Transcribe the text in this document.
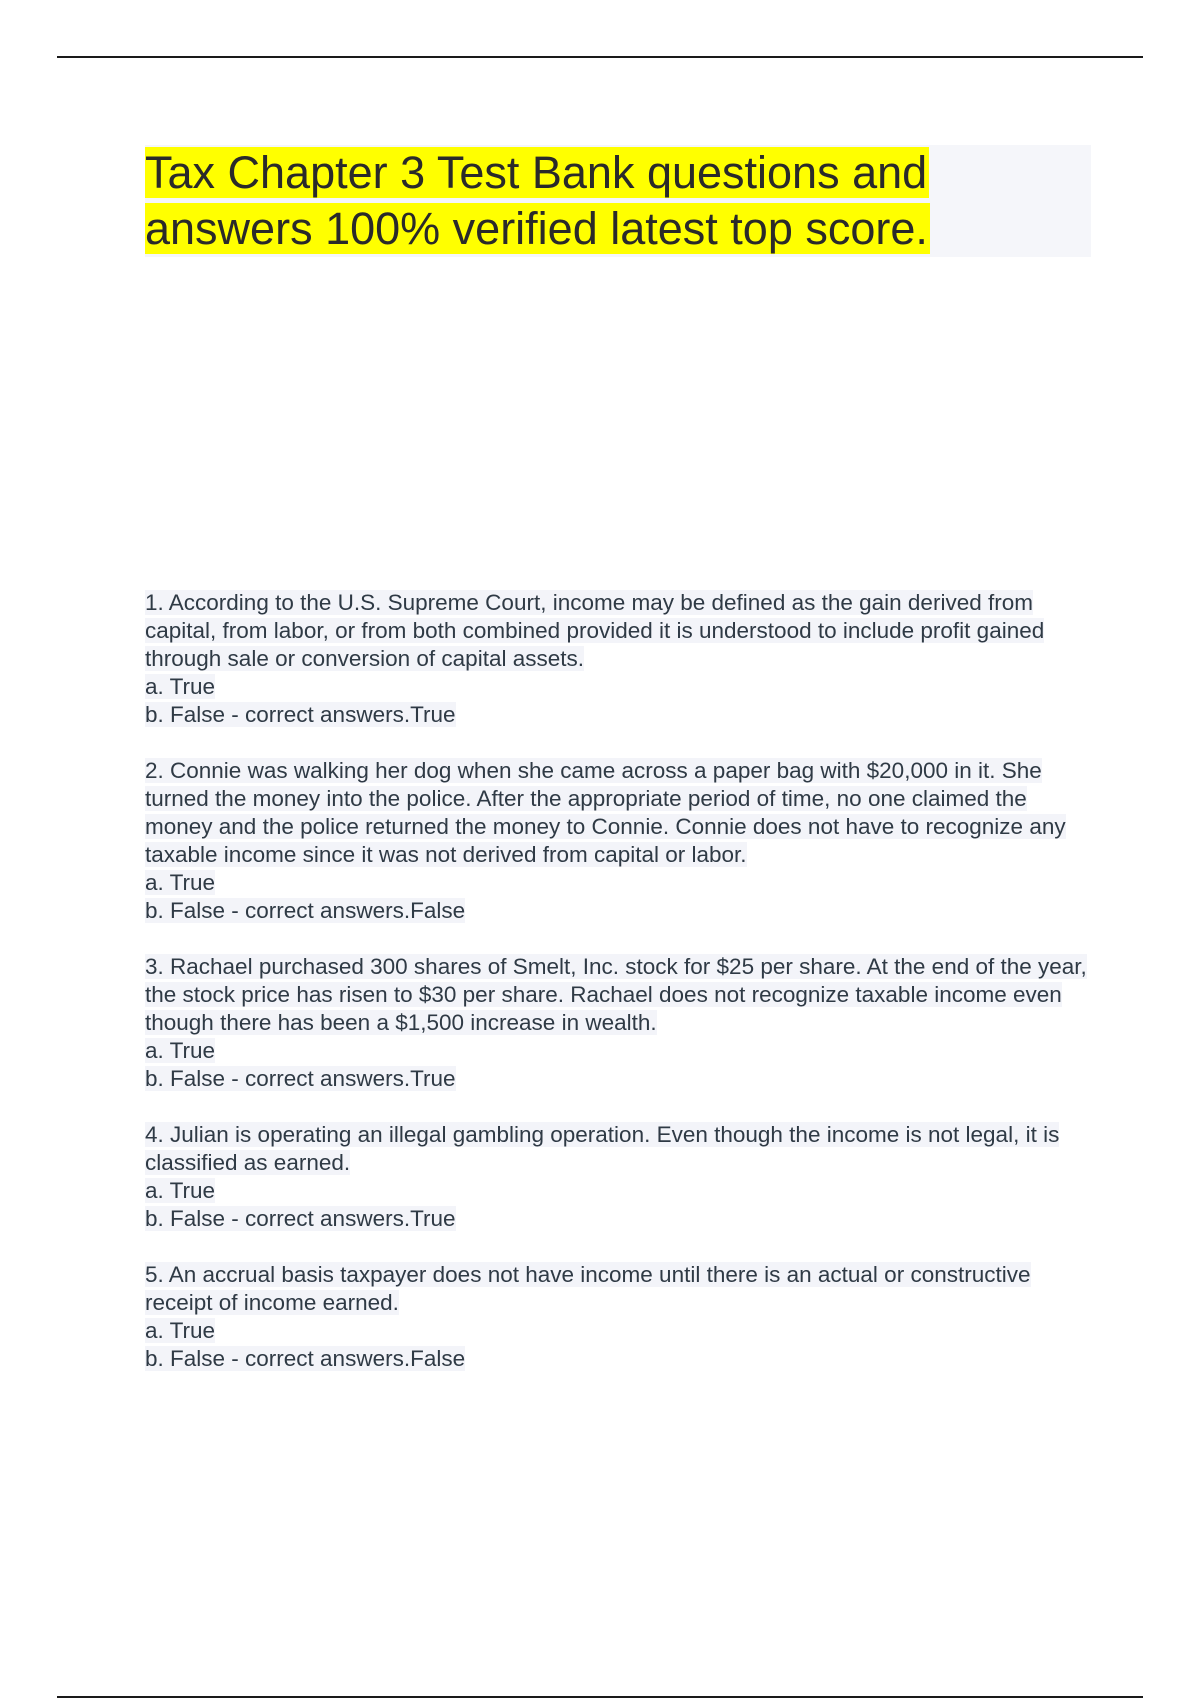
Tax Chapter 3 Test Bank questions and answers 100% verified latest top score.
1. According to the U.S. Supreme Court, income may be defined as the gain derived from capital, from labor, or from both combined provided it is understood to include profit gained through sale or conversion of capital assets.
a. True
b. False - correct answers.True
2. Connie was walking her dog when she came across a paper bag with $20,000 in it. She turned the money into the police. After the appropriate period of time, no one claimed the money and the police returned the money to Connie. Connie does not have to recognize any taxable income since it was not derived from capital or labor.
a. True
b. False - correct answers.False
3. Rachael purchased 300 shares of Smelt, Inc. stock for $25 per share. At the end of the year, the stock price has risen to $30 per share. Rachael does not recognize taxable income even though there has been a $1,500 increase in wealth.
a. True
b. False - correct answers.True
4. Julian is operating an illegal gambling operation. Even though the income is not legal, it is classified as earned.
a. True
b. False - correct answers.True
5. An accrual basis taxpayer does not have income until there is an actual or constructive receipt of income earned.
a. True
b. False - correct answers.False
